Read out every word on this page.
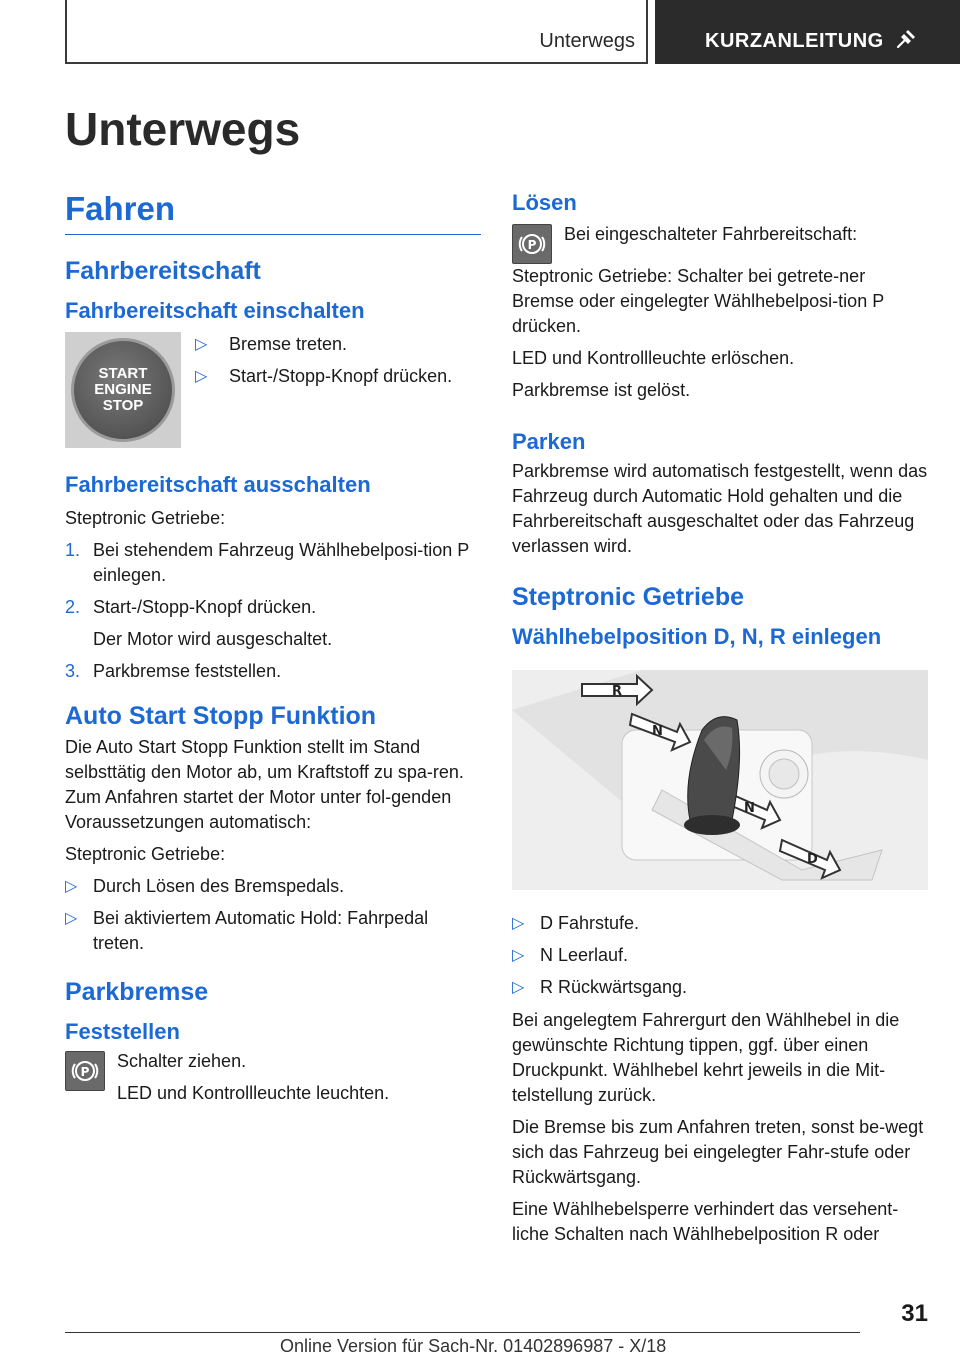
Unterwegs	KURZANLEITUNG
Unterwegs
Fahren
Fahrbereitschaft
Fahrbereitschaft einschalten
START
ENGINE
STOP
▷ Bremse treten.
▷ Start-/Stopp-Knopf drücken.
Fahrbereitschaft ausschalten

Steptronic Getriebe:

1. Bei stehendem Fahrzeug Wählhebelposi‐tion P einlegen.
2. Start-/Stopp-Knopf drücken.
Der Motor wird ausgeschaltet.
3. Parkbremse feststellen.
Auto Start Stopp Funktion

Die Auto Start Stopp Funktion stellt im Stand selbsttätig den Motor ab, um Kraftstoff zu spa‐ren. Zum Anfahren startet der Motor unter fol‐genden Voraussetzungen automatisch:

Steptronic Getriebe:

▷ Durch Lösen des Bremspedals.
▷ Bei aktiviertem Automatic Hold: Fahrpedal treten.
Parkbremse
Feststellen
P

Schalter ziehen.

LED und Kontrollleuchte leuchten.

Lösen
P

Bei eingeschalteter Fahrbereitschaft:

Steptronic Getriebe: Schalter bei getrete‐ner Bremse oder eingelegter Wählhebelposi‐tion P drücken.

LED und Kontrollleuchte erlöschen.

Parkbremse ist gelöst.

Parken

Parkbremse wird automatisch festgestellt, wenn das Fahrzeug durch Automatic Hold gehalten und die Fahrbereitschaft ausgeschaltet oder das Fahrzeug verlassen wird.

Steptronic Getriebe
Wählhebelposition D, N, R einlegen
R
N
N
D
▷ D Fahrstufe.
▷ N Leerlauf.
▷ R Rückwärtsgang.

Bei angelegtem Fahrergurt den Wählhebel in die gewünschte Richtung tippen, ggf. über einen Druckpunkt. Wählhebel kehrt jeweils in die Mit‐telstellung zurück.

Die Bremse bis zum Anfahren treten, sonst be‐wegt sich das Fahrzeug bei eingelegter Fahr‐stufe oder Rückwärtsgang.

Eine Wählhebelsperre verhindert das versehent‐liche Schalten nach Wählhebelposition R oder

31
Online Version für Sach-Nr. 01402896987 - X/18
